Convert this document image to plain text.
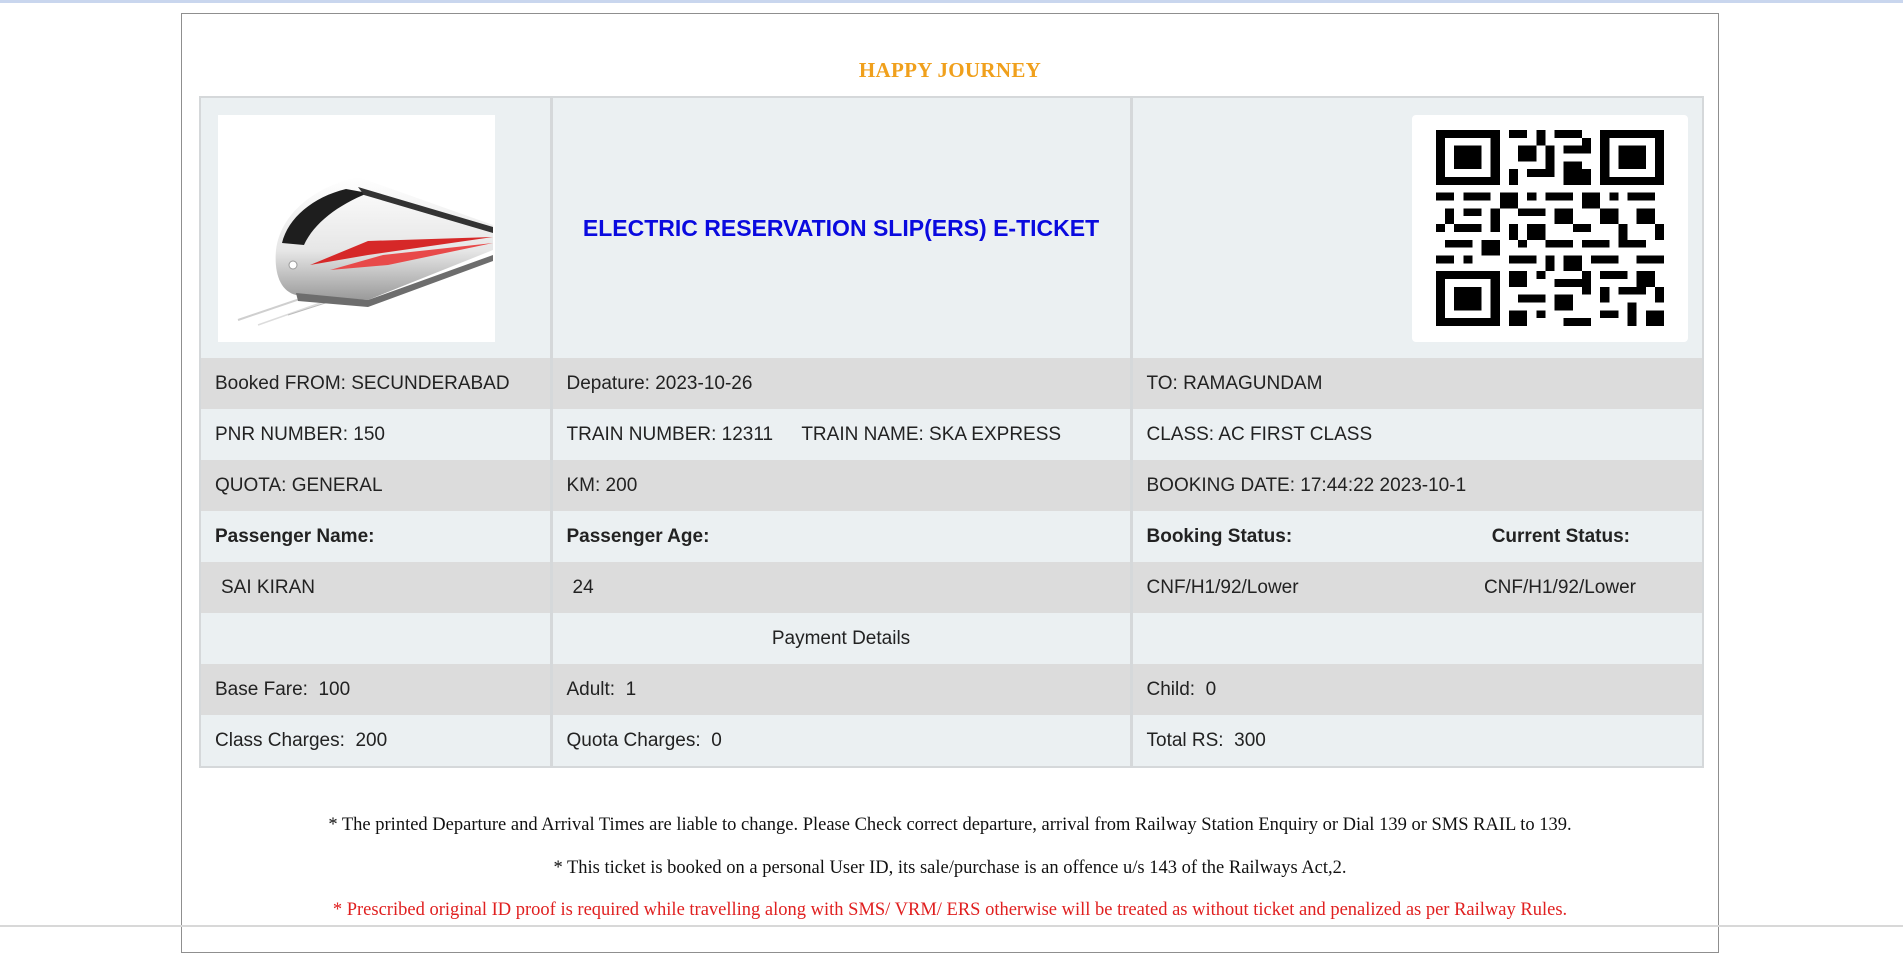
HAPPY JOURNEY

ELECTRIC RESERVATION SLIP(ERS) E-TICKET

Booked FROM: SECUNDERABAD	Depature: 2023-10-26	TO: RAMAGUNDAM
PNR NUMBER: 150	TRAIN NUMBER: 12311 TRAIN NAME: SKA EXPRESS	CLASS: AC FIRST CLASS
QUOTA: GENERAL	KM: 200	BOOKING DATE: 17:44:22 2023-10-1
Passenger Name:	Passenger Age:	Booking Status: Current Status:

SAI KIRAN	24	CNF/H1/92/Lower CNF/H1/92/Lower

	Payment Details	
Base Fare:  100	Adult:  1	Child:  0
Class Charges:  200	Quota Charges:  0	Total RS:  300
* The printed Departure and Arrival Times are liable to change. Please Check correct departure, arrival from Railway Station Enquiry or Dial 139 or SMS RAIL to 139.
* This ticket is booked on a personal User ID, its sale/purchase is an offence u/s 143 of the Railways Act,2.
* Prescribed original ID proof is required while travelling along with SMS/ VRM/ ERS otherwise will be treated as without ticket and penalized as per Railway Rules.
